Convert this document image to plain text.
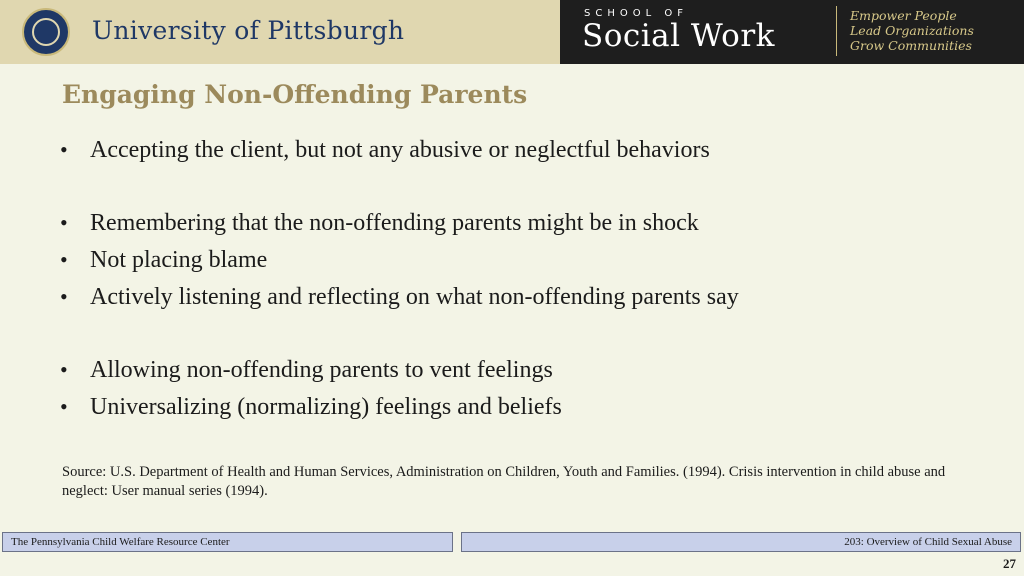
University of Pittsburgh
SCHOOL OF
Social Work
Empower People
Lead Organizations
Grow Communities
Engaging Non-Offending Parents
• Accepting the client, but not any abusive or neglectful behaviors
• Remembering that the non-offending parents might be in shock
• Not placing blame
• Actively listening and reflecting on what non-offending parents say
• Allowing non-offending parents to vent feelings
• Universalizing (normalizing) feelings and beliefs
Source: U.S. Department of Health and Human Services, Administration on Children, Youth and Families. (1994). Crisis intervention in child abuse and neglect: User manual series (1994).
The Pennsylvania Child Welfare Resource Center	203: Overview of Child Sexual Abuse
27
